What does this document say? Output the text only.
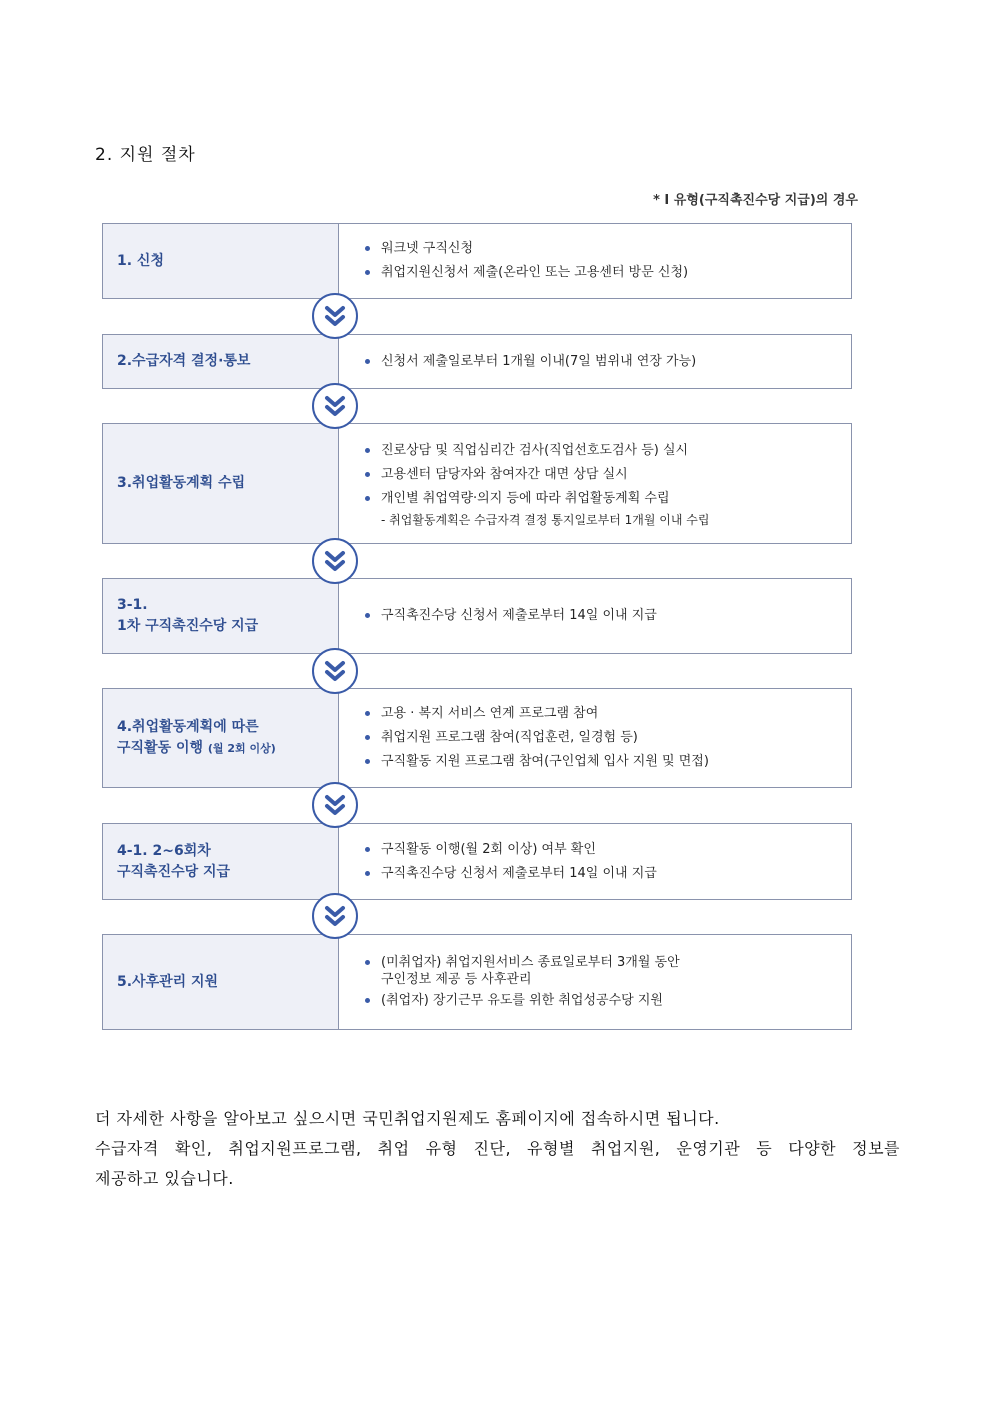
2. 지원 절차
* I 유형(구직촉진수당 지급)의 경우
1. 신청
워크넷 구직신청
취업지원신청서 제출(온라인 또는 고용센터 방문 신청)
2.수급자격 결정·통보	신청서 제출일로부터 1개월 이내(7일 범위내 연장 가능)
3.취업활동계획 수립
진로상담 및 직업심리간 검사(직업선호도검사 등) 실시
고용센터 담당자와 참여자간 대면 상담 실시
개인별 취업역량·의지 등에 따라 취업활동계획 수립
- 취업활동계획은 수급자격 결정 통지일로부터 1개월 이내 수립
3-1.
1차 구직촉진수당 지급
구직촉진수당 신청서 제출로부터 14일 이내 지급
4.취업활동계획에 따른
구직활동 이행 (월 2회 이상)
고용 · 복지 서비스 연계 프로그램 참여
취업지원 프로그램 참여(직업훈련, 일경험 등)
구직활동 지원 프로그램 참여(구인업체 입사 지원 및 면접)
4-1. 2~6회차
구직촉진수당 지급
구직활동 이행(월 2회 이상) 여부 확인
구직촉진수당 신청서 제출로부터 14일 이내 지급
5.사후관리 지원
(미취업자) 취업지원서비스 종료일로부터 3개월 동안
구인정보 제공 등 사후관리
(취업자) 장기근무 유도를 위한 취업성공수당 지원
더 자세한 사항을 알아보고 싶으시면 국민취업지원제도 홈페이지에 접속하시면 됩니다.
수급자격 확인, 취업지원프로그램, 취업 유형 진단, 유형별 취업지원, 운영기관 등 다양한 정보를
제공하고 있습니다.
